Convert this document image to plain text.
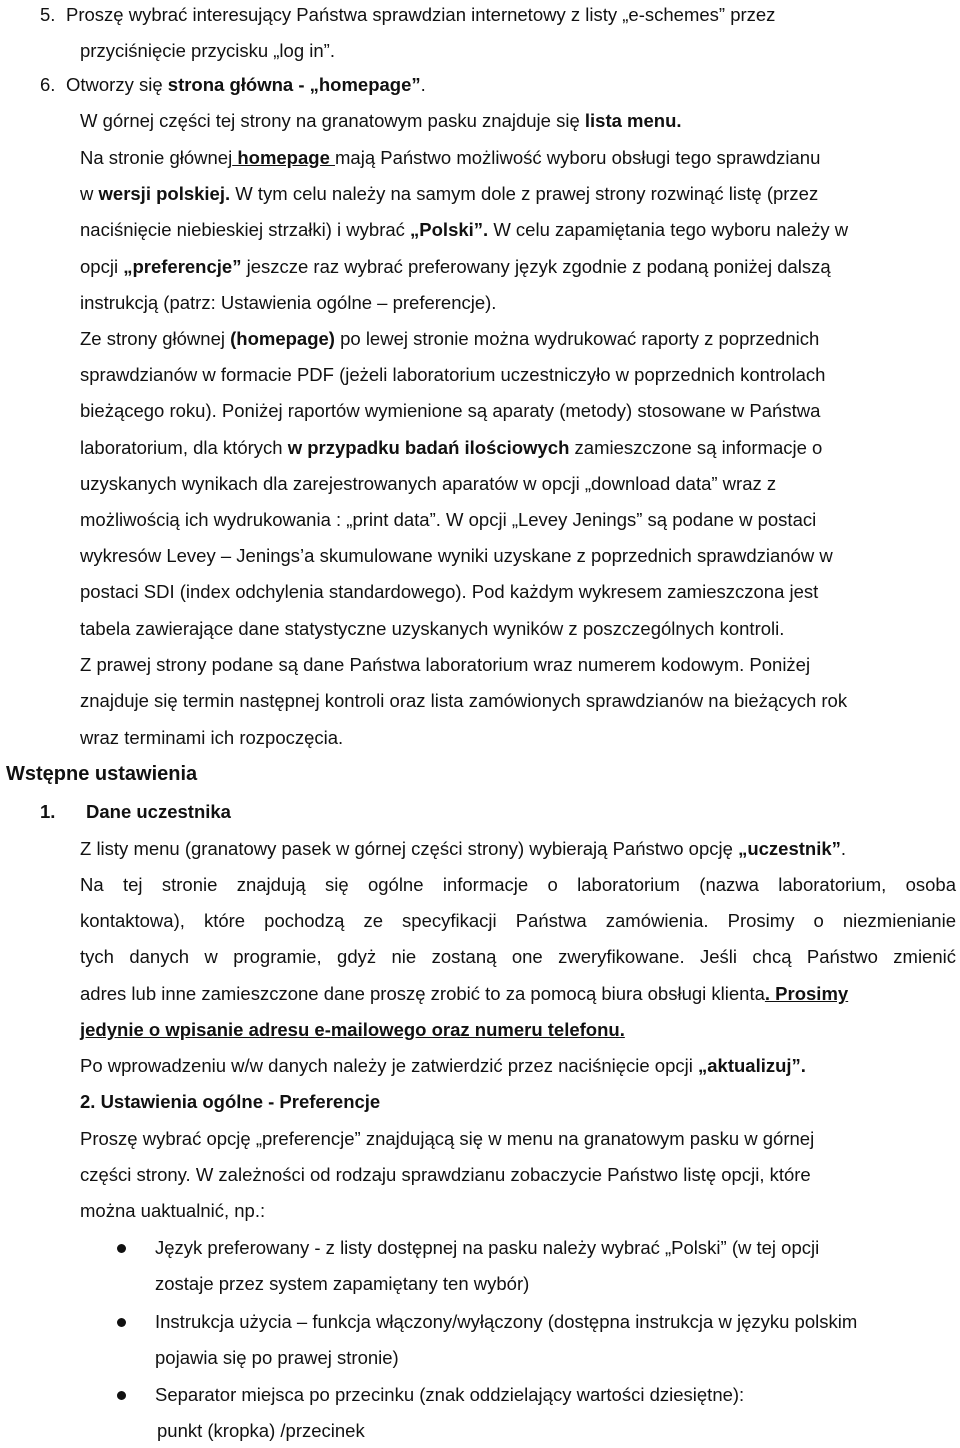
5. Proszę wybrać interesujący Państwa sprawdzian internetowy z listy „e-schemes” przez
przyciśnięcie przycisku „log in”.
6. Otworzy się strona główna - „homepage”.
W górnej części tej strony na granatowym pasku znajduje się lista menu.
Na stronie głównej homepage mają Państwo możliwość wyboru obsługi tego sprawdzianu
w wersji polskiej. W tym celu należy na samym dole z prawej strony rozwinąć listę (przez
naciśnięcie niebieskiej strzałki) i wybrać „Polski”. W celu zapamiętania tego wyboru należy w
opcji „preferencje” jeszcze raz wybrać preferowany język zgodnie z podaną poniżej dalszą
instrukcją (patrz: Ustawienia ogólne – preferencje).
Ze strony głównej (homepage) po lewej stronie można wydrukować raporty z poprzednich
sprawdzianów w formacie PDF (jeżeli laboratorium uczestniczyło w poprzednich kontrolach
bieżącego roku). Poniżej raportów wymienione są aparaty (metody) stosowane w Państwa
laboratorium, dla których w przypadku badań ilościowych zamieszczone są informacje o
uzyskanych wynikach dla zarejestrowanych aparatów w opcji „download data” wraz z
możliwością ich wydrukowania : „print data”. W opcji „Levey Jenings” są podane w postaci
wykresów Levey – Jenings’a skumulowane wyniki uzyskane z poprzednich sprawdzianów w
postaci SDI (index odchylenia standardowego). Pod każdym wykresem zamieszczona jest
tabela zawierające dane statystyczne uzyskanych wyników z poszczególnych kontroli.
Z prawej strony podane są dane Państwa laboratorium wraz numerem kodowym. Poniżej
znajduje się termin następnej kontroli oraz lista zamówionych sprawdzianów na bieżących rok
wraz terminami ich rozpoczęcia.
Wstępne ustawienia
1. Dane uczestnika
Z listy menu (granatowy pasek w górnej części strony) wybierają Państwo opcję „uczestnik”.
Na tej stronie znajdują się ogólne informacje o laboratorium (nazwa laboratorium, osoba
kontaktowa), które pochodzą ze specyfikacji Państwa zamówienia. Prosimy o niezmienianie
tych danych w programie, gdyż nie zostaną one zweryfikowane. Jeśli chcą Państwo zmienić
adres lub inne zamieszczone dane proszę zrobić to za pomocą biura obsługi klienta. Prosimy
jedynie o wpisanie adresu e-mailowego oraz numeru telefonu.
Po wprowadzeniu w/w danych należy je zatwierdzić przez naciśnięcie opcji „aktualizuj”.
2. Ustawienia ogólne - Preferencje
Proszę wybrać opcję „preferencje” znajdującą się w menu na granatowym pasku w górnej
części strony. W zależności od rodzaju sprawdzianu zobaczycie Państwo listę opcji, które
można uaktualnić, np.:
Język preferowany - z listy dostępnej na pasku należy wybrać „Polski” (w tej opcji
zostaje przez system zapamiętany ten wybór)
Instrukcja użycia – funkcja włączony/wyłączony (dostępna instrukcja w języku polskim
pojawia się po prawej stronie)
Separator miejsca po przecinku (znak oddzielający wartości dziesiętne):
punkt (kropka) /przecinek
